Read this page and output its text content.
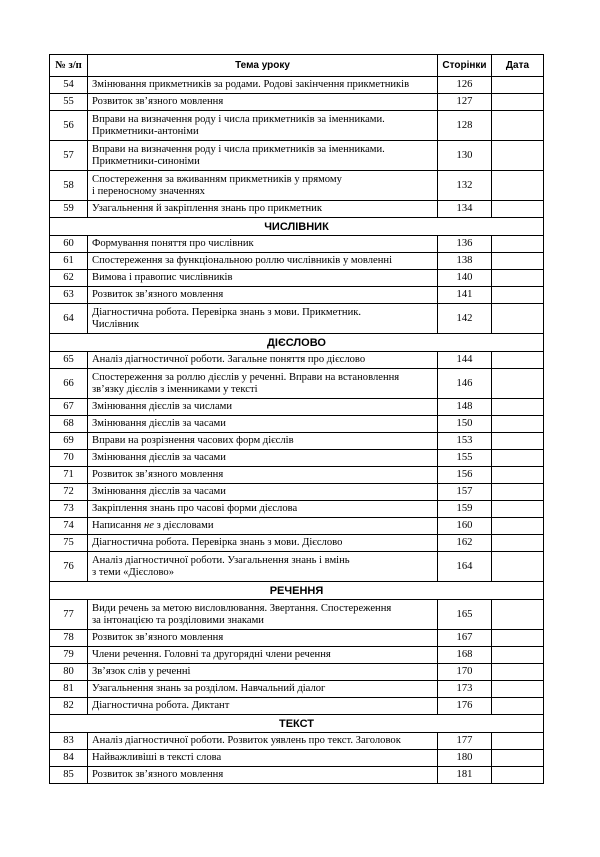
№ з/п	Тема уроку	Сторінки	Дата
54	Змінювання прикметників за родами. Родові закінчення прикметників	126	
55	Розвиток зв’язного мовлення	127	
56	Вправи на визначення роду і числа прикметників за іменниками.
Прикметники-антоніми	128	
57	Вправи на визначення роду і числа прикметників за іменниками.
Прикметники-синоніми	130	
58	Спостереження за вживанням прикметників у прямому
і переносному значеннях	132	
59	Узагальнення й закріплення знань про прикметник	134	
ЧИСЛІВНИК			
60	Формування поняття про числівник	136	
61	Спостереження за функціональною роллю числівників у мовленні	138	
62	Вимова і правопис числівників	140	
63	Розвиток зв’язного мовлення	141	
64	Діагностична робота. Перевірка знань з мови. Прикметник.
Числівник	142	
ДІЄСЛОВО			
65	Аналіз діагностичної роботи. Загальне поняття про дієслово	144	
66	Спостереження за роллю дієслів у реченні. Вправи на встановлення
зв’язку дієслів з іменниками у тексті	146	
67	Змінювання дієслів за числами	148	
68	Змінювання дієслів за часами	150	
69	Вправи на розрізнення часових форм дієслів	153	
70	Змінювання дієслів за часами	155	
71	Розвиток зв’язного мовлення	156	
72	Змінювання дієслів за часами	157	
73	Закріплення знань про часові форми дієслова	159	
74	Написання не з дієсловами	160	
75	Діагностична робота. Перевірка знань з мови. Дієслово	162	
76	Аналіз діагностичної роботи. Узагальнення знань і вмінь
з теми «Дієслово»	164	
РЕЧЕННЯ			
77	Види речень за метою висловлювання. Звертання. Спостереження
за інтонацією та розділовими знаками	165	
78	Розвиток зв’язного мовлення	167	
79	Члени речення. Головні та другорядні члени речення	168	
80	Зв’язок слів у реченні	170	
81	Узагальнення знань за розділом. Навчальний діалог	173	
82	Діагностична робота. Диктант	176	
ТЕКСТ			
83	Аналіз діагностичної роботи. Розвиток уявлень про текст. Заголовок	177	
84	Найважливіші в тексті слова	180	
85	Розвиток зв’язного мовлення	181	
